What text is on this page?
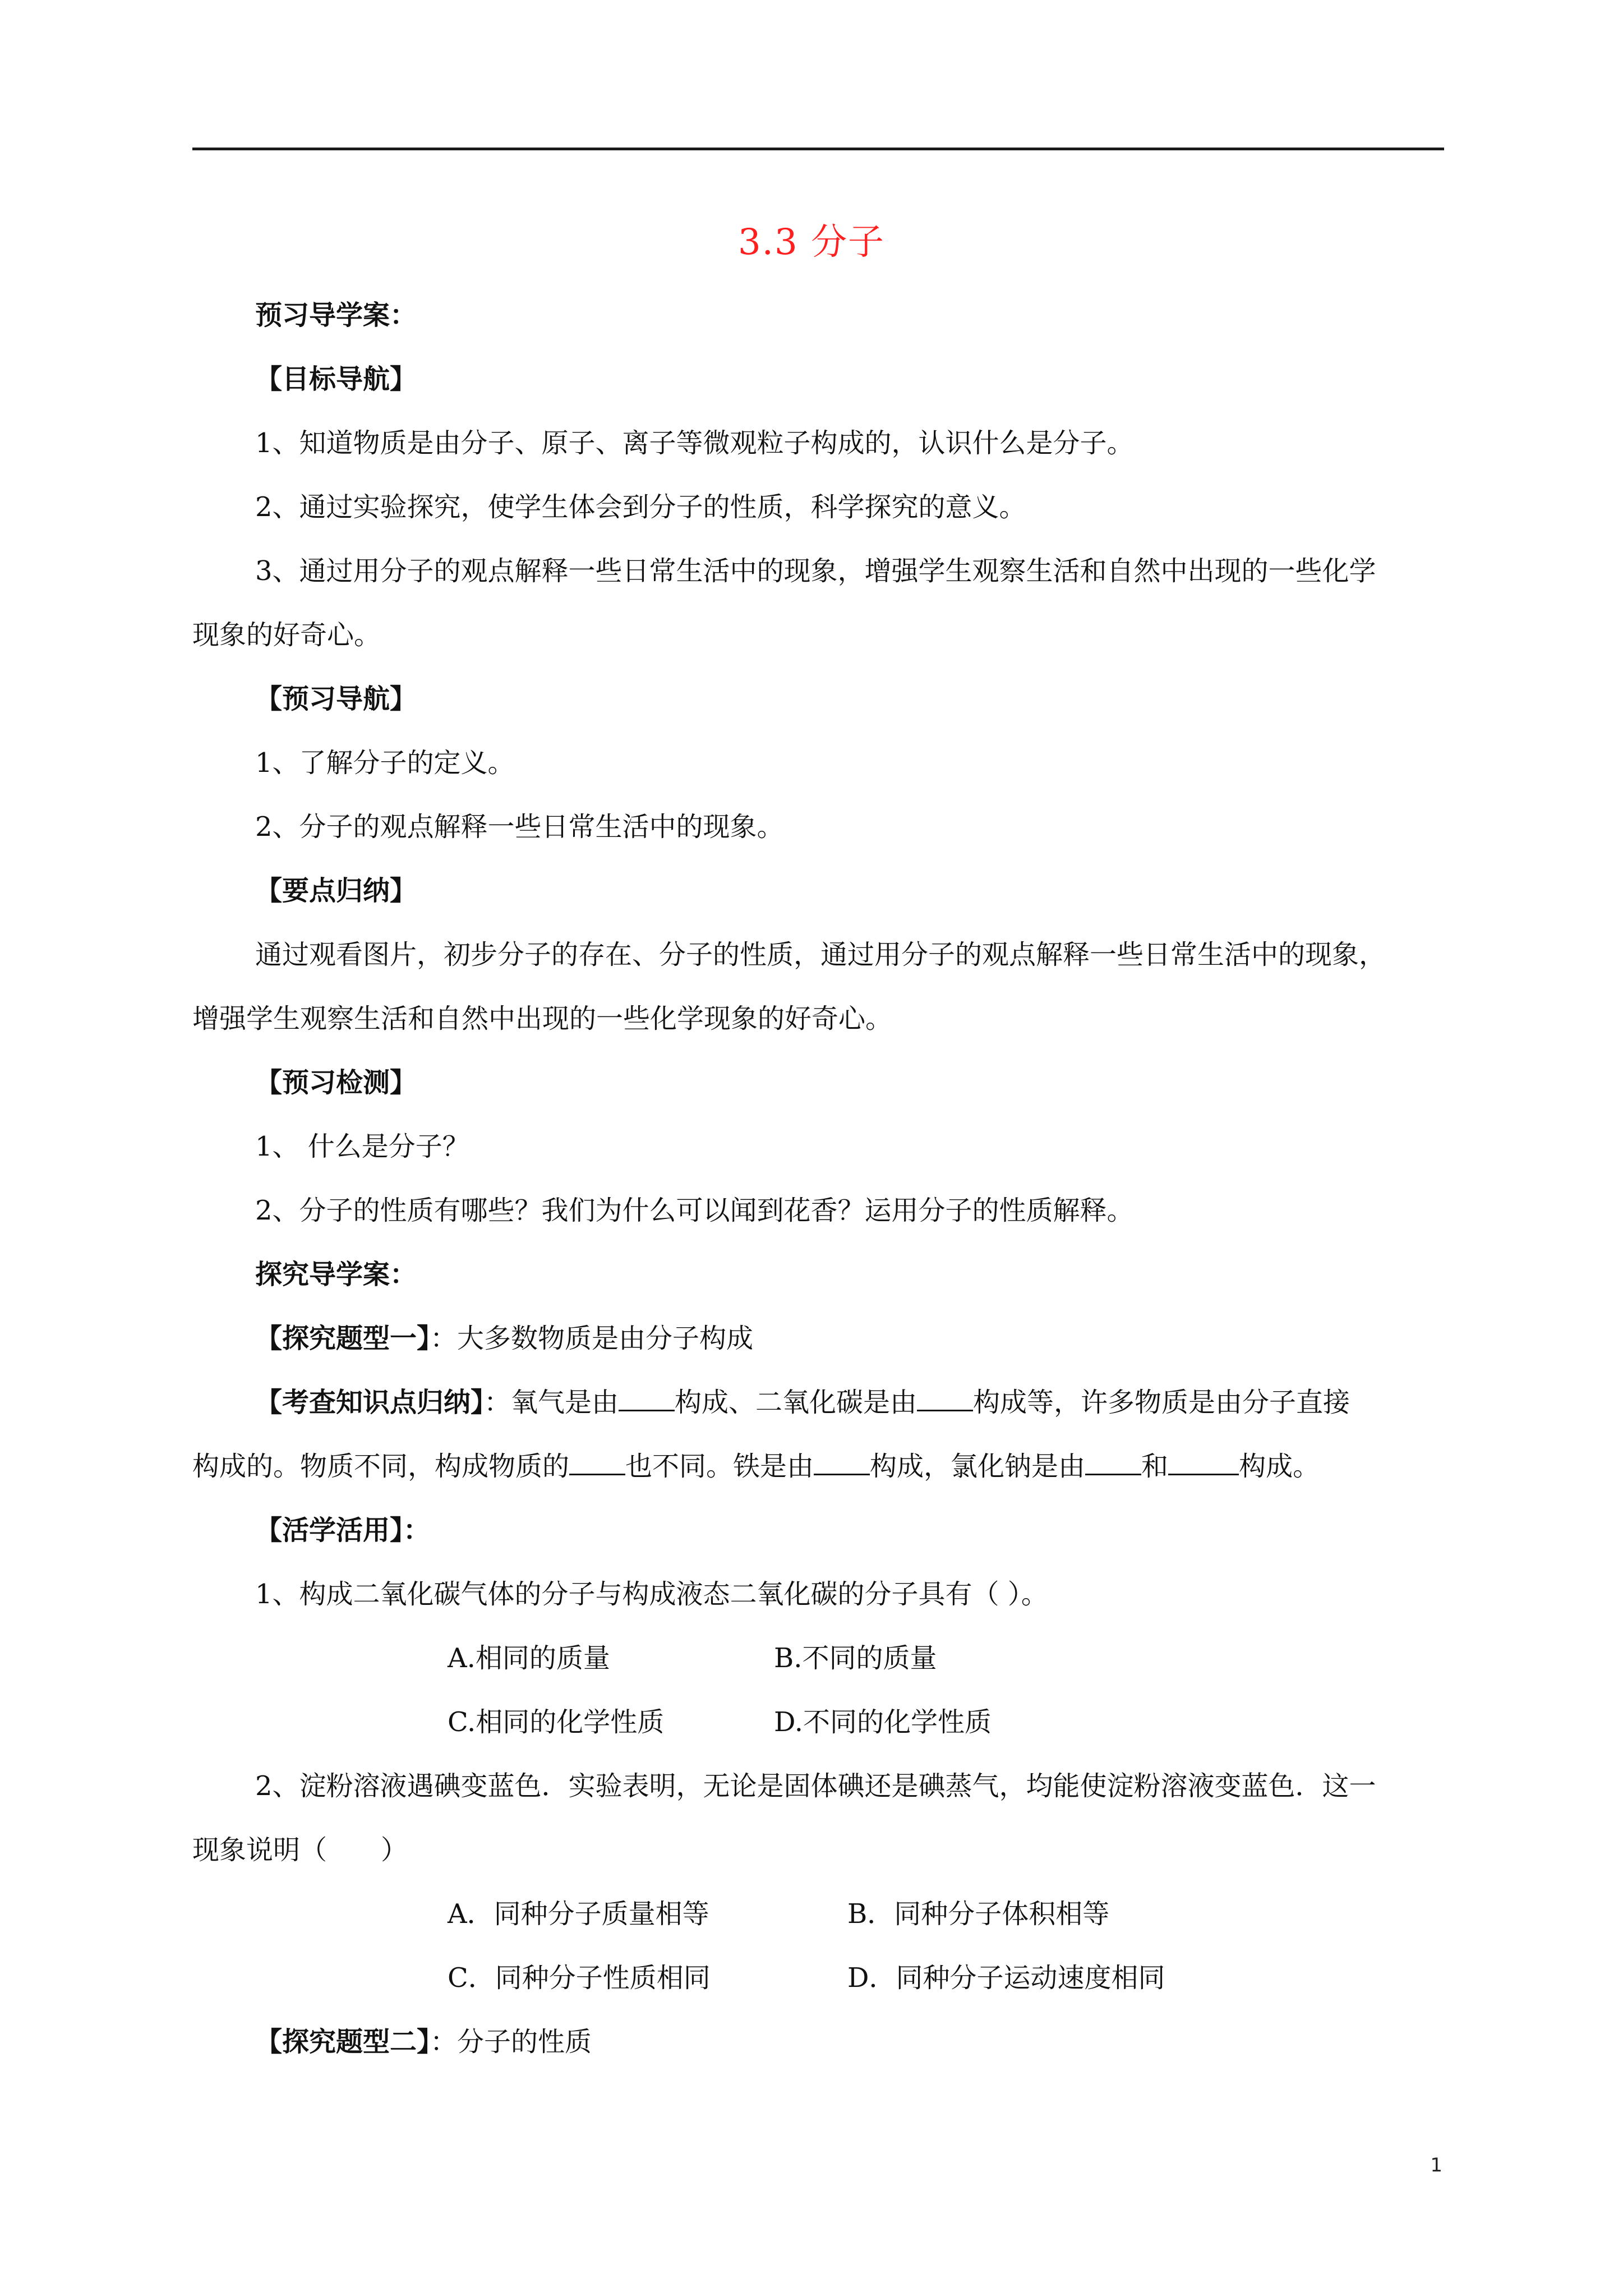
3.3 分子
预习导学案：
【目标导航】
1、知道物质是由分子、原子、离子等微观粒子构成的，认识什么是分子。
2、通过实验探究，使学生体会到分子的性质，科学探究的意义。
3、通过用分子的观点解释一些日常生活中的现象，增强学生观察生活和自然中出现的一些化学
现象的好奇心。
【预习导航】
1、了解分子的定义。
2、分子的观点解释一些日常生活中的现象。
【要点归纳】
通过观看图片，初步分子的存在、分子的性质，通过用分子的观点解释一些日常生活中的现象，
增强学生观察生活和自然中出现的一些化学现象的好奇心。
【预习检测】
1、 什么是分子？
2、分子的性质有哪些？我们为什么可以闻到花香？运用分子的性质解释。
探究导学案：
【探究题型一】：大多数物质是由分子构成
【考查知识点归纳】：氧气是由 构成、二氧化碳是由 构成等，许多物质是由分子直接
构成的。物质不同，构成物质的 也不同。铁是由 构成，氯化钠是由 和	构成。
【活学活用】：
1、构成二氧化碳气体的分子与构成液态二氧化碳的分子具有（ ）。
A.相同的质量	B.不同的质量
C.相同的化学性质	D.不同的化学性质
2、淀粉溶液遇碘变蓝色．实验表明，无论是固体碘还是碘蒸气，均能使淀粉溶液变蓝色．这一
现象说明（　　）
A．同种分子质量相等	B．同种分子体积相等
C．同种分子性质相同	D．同种分子运动速度相同
【探究题型二】：分子的性质
1
